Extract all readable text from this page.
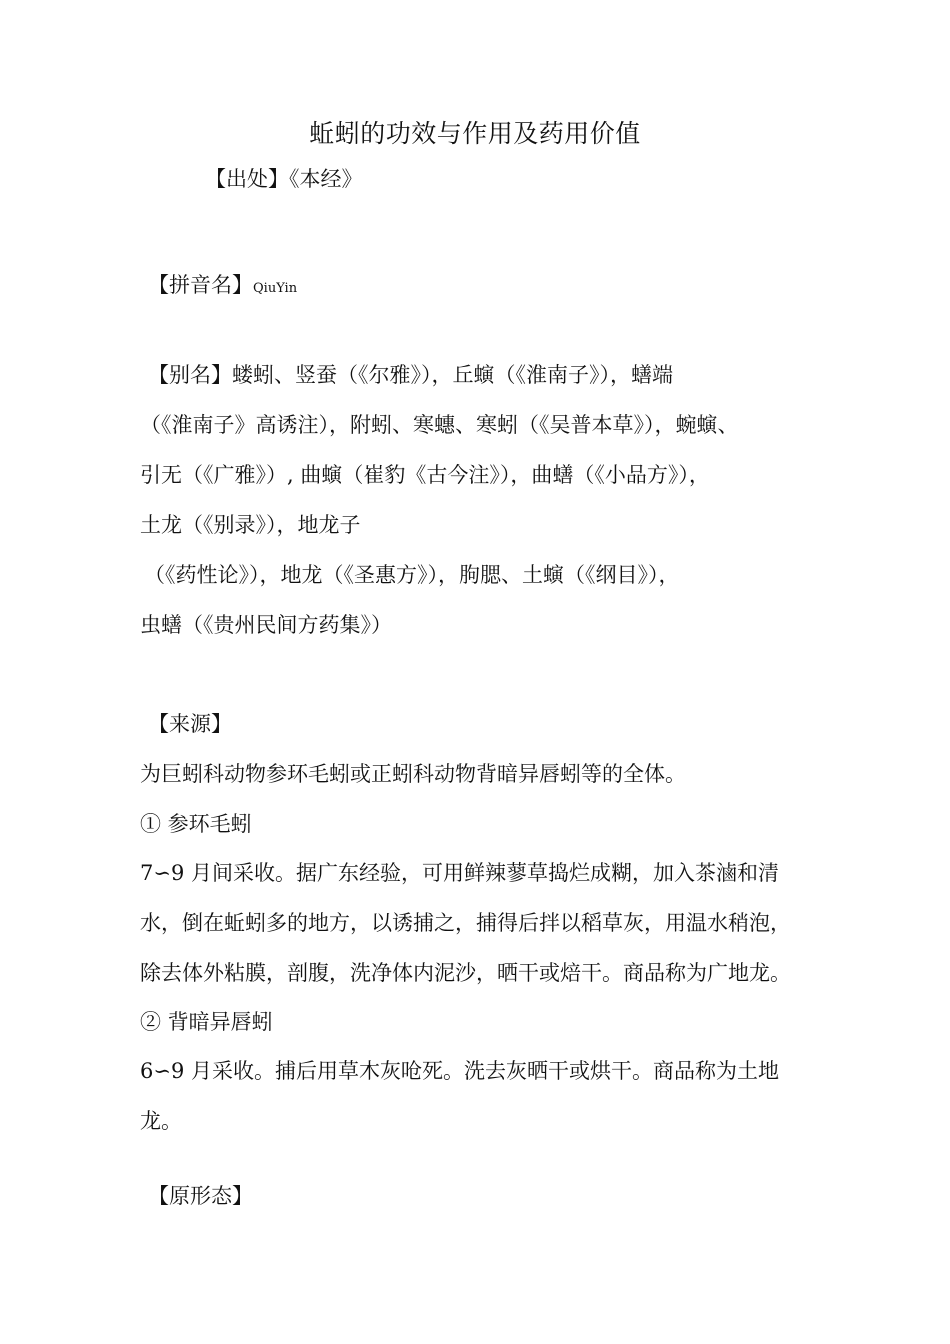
蚯蚓的功效与作用及药用价值
【出处】《本经》
【拼音名】QiuYin
【别名】蝼蚓、竖蚕（《尔雅》），丘螾（《淮南子》），蟮端
（《淮南子》高诱注），附蚓、寒蟪、寒蚓（《吴普本草》），蜿螾、
引无（《广雅》）, 曲螾（崔豹《古今注》），曲蟮（《小品方》），
土龙（《别录》），地龙子
（《药性论》），地龙（《圣惠方》），朐腮、土螾（《纲目》），
虫蟮（《贵州民间方药集》）
【来源】
为巨蚓科动物参环毛蚓或正蚓科动物背暗异唇蚓等的全体。
① 参环毛蚓
7∽9 月间采收。据广东经验，可用鲜辣蓼草捣烂成糊，加入茶滷和清
水，倒在蚯蚓多的地方，以诱捕之，捕得后拌以稻草灰，用温水稍泡，
除去体外粘膜，剖腹，洗净体内泥沙，晒干或焙干。商品称为广地龙。
② 背暗异唇蚓
6∽9 月采收。捕后用草木灰呛死。洗去灰晒干或烘干。商品称为土地
龙。
【原形态】
